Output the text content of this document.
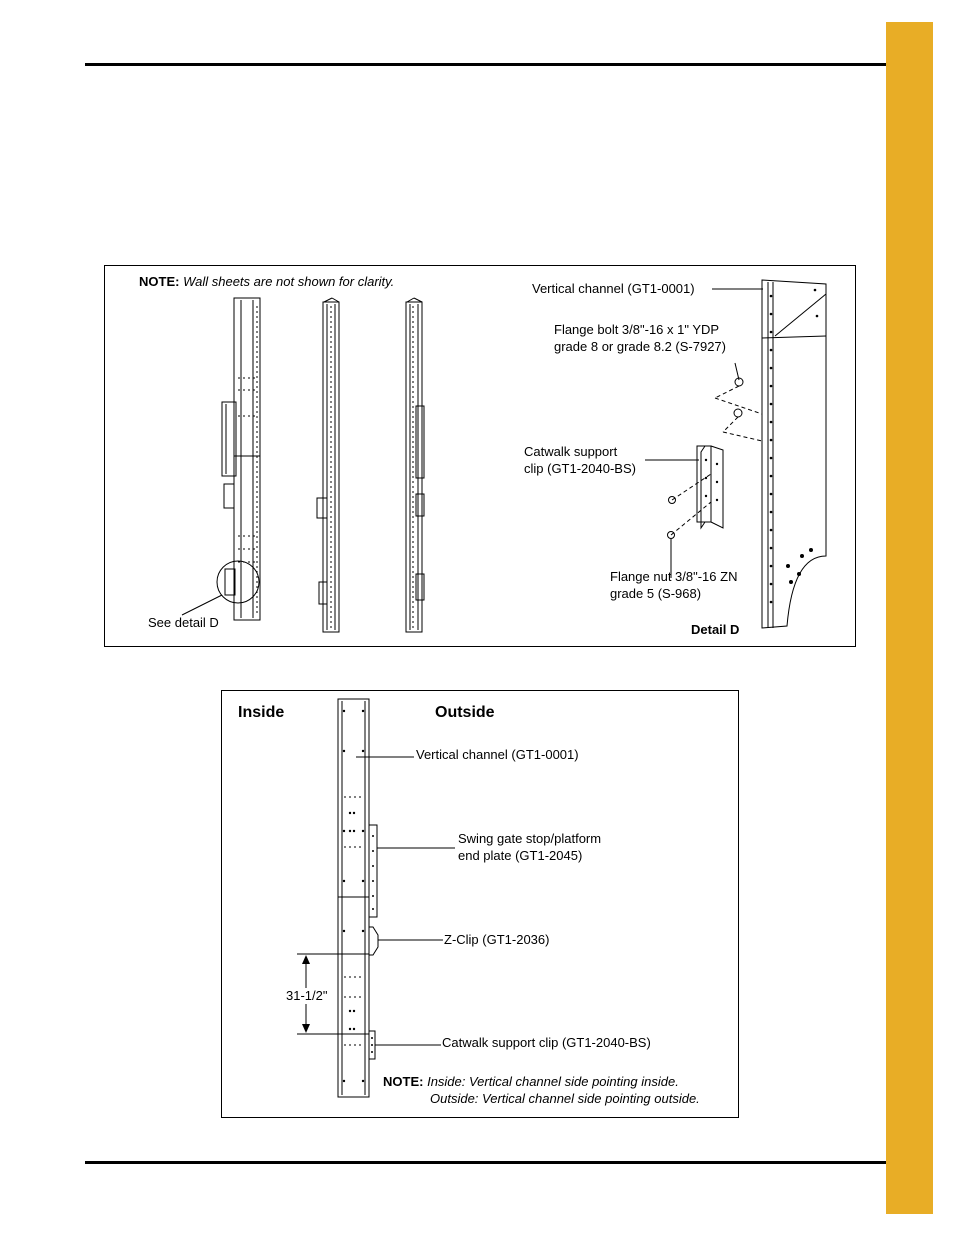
NOTE: Wall sheets are not shown for clarity.
See detail D	Detail D
Vertical channel (GT1-0001)
Flange bolt 3/8"-16 x 1" YDP
grade 8 or grade 8.2 (S-7927)
Catwalk support
clip (GT1-2040-BS)
Flange nut 3/8"-16 ZN
grade 5 (S-968)
Inside	Outside
Vertical channel (GT1-0001)
Swing gate stop/platform
end plate (GT1-2045)
Z-Clip (GT1-2036)
31-1/2"
Catwalk support clip (GT1-2040-BS)
NOTE: Inside: Vertical channel side pointing inside.
Outside: Vertical channel side pointing outside.
